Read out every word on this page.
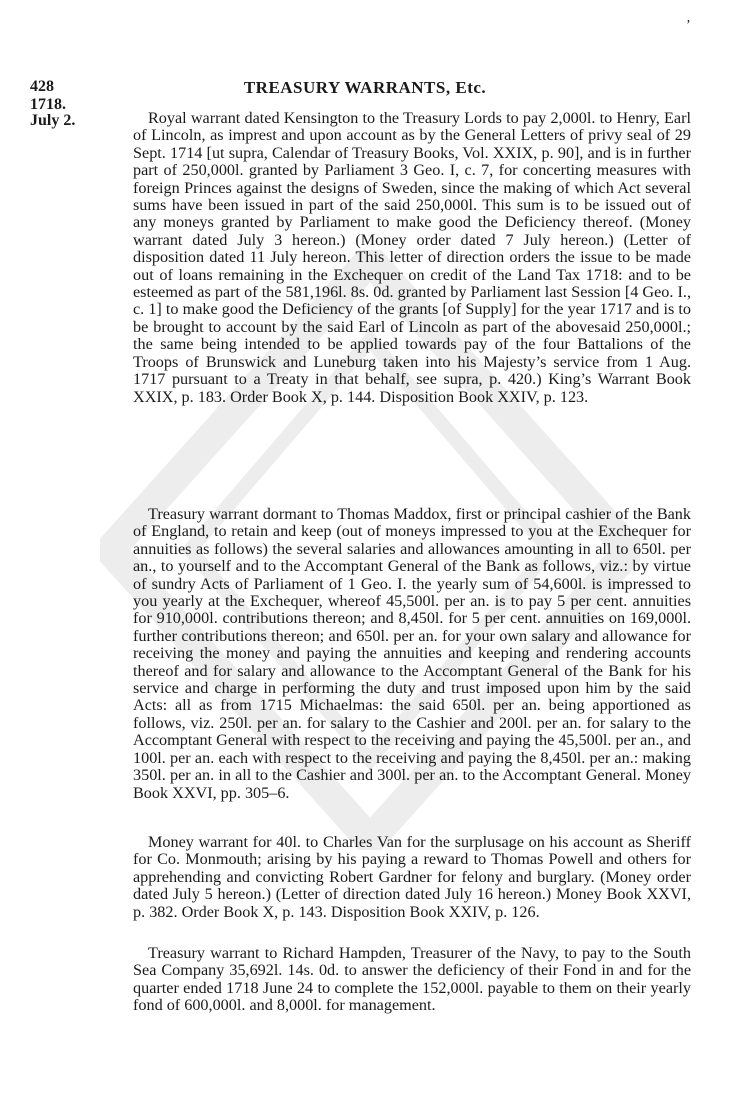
’
428	TREASURY WARRANTS, Etc.
1718.
July 2.	Royal warrant dated Kensington to the Treasury Lords to pay 2,000l. to Henry, Earl of Lincoln, as imprest and upon account as by the General Letters of privy seal of 29 Sept. 1714 [ut supra, Calendar of Treasury Books, Vol. XXIX, p. 90], and is in further part of 250,000l. granted by Parliament 3 Geo. I, c. 7, for concerting measures with foreign Princes against the designs of Sweden, since the making of which Act several sums have been issued in part of the said 250,000l. This sum is to be issued out of any moneys granted by Parliament to make good the Deficiency thereof. (Money warrant dated July 3 hereon.) (Money order dated 7 July hereon.) (Letter of disposition dated 11 July hereon. This letter of direction orders the issue to be made out of loans remaining in the Exchequer on credit of the Land Tax 1718: and to be esteemed as part of the 581,196l. 8s. 0d. granted by Parliament last Session [4 Geo. I., c. 1] to make good the Deficiency of the grants [of Supply] for the year 1717 and is to be brought to account by the said Earl of Lincoln as part of the abovesaid 250,000l.; the same being intended to be applied towards pay of the four Battalions of the Troops of Brunswick and Luneburg taken into his Majesty’s service from 1 Aug. 1717 pursuant to a Treaty in that behalf, see supra, p. 420.) King’s Warrant Book XXIX, p. 183. Order Book X, p. 144. Disposition Book XXIV, p. 123.

Treasury warrant dormant to Thomas Maddox, first or principal cashier of the Bank of England, to retain and keep (out of moneys impressed to you at the Exchequer for annuities as follows) the several salaries and allowances amounting in all to 650l. per an., to yourself and to the Accomptant General of the Bank as follows, viz.: by virtue of sundry Acts of Parliament of 1 Geo. I. the yearly sum of 54,600l. is impressed to you yearly at the Exchequer, whereof 45,500l. per an. is to pay 5 per cent. annuities for 910,000l. contributions thereon; and 8,450l. for 5 per cent. annuities on 169,000l. further contributions thereon; and 650l. per an. for your own salary and allowance for receiving the money and paying the annuities and keeping and rendering accounts thereof and for salary and allowance to the Accomptant General of the Bank for his service and charge in performing the duty and trust imposed upon him by the said Acts: all as from 1715 Michaelmas: the said 650l. per an. being apportioned as follows, viz. 250l. per an. for salary to the Cashier and 200l. per an. for salary to the Accomptant General with respect to the receiving and paying the 45,500l. per an., and 100l. per an. each with respect to the receiving and paying the 8,450l. per an.: making 350l. per an. in all to the Cashier and 300l. per an. to the Accomptant General. Money Book XXVI, pp. 305–6.

Money warrant for 40l. to Charles Van for the surplusage on his account as Sheriff for Co. Monmouth; arising by his paying a reward to Thomas Powell and others for apprehending and convicting Robert Gardner for felony and burglary. (Money order dated July 5 hereon.) (Letter of direction dated July 16 hereon.) Money Book XXVI, p. 382. Order Book X, p. 143. Disposition Book XXIV, p. 126.

Treasury warrant to Richard Hampden, Treasurer of the Navy, to pay to the South Sea Company 35,692l. 14s. 0d. to answer the deficiency of their Fond in and for the quarter ended 1718 June 24 to complete the 152,000l. payable to them on their yearly fond of 600,000l. and 8,000l. for management.
